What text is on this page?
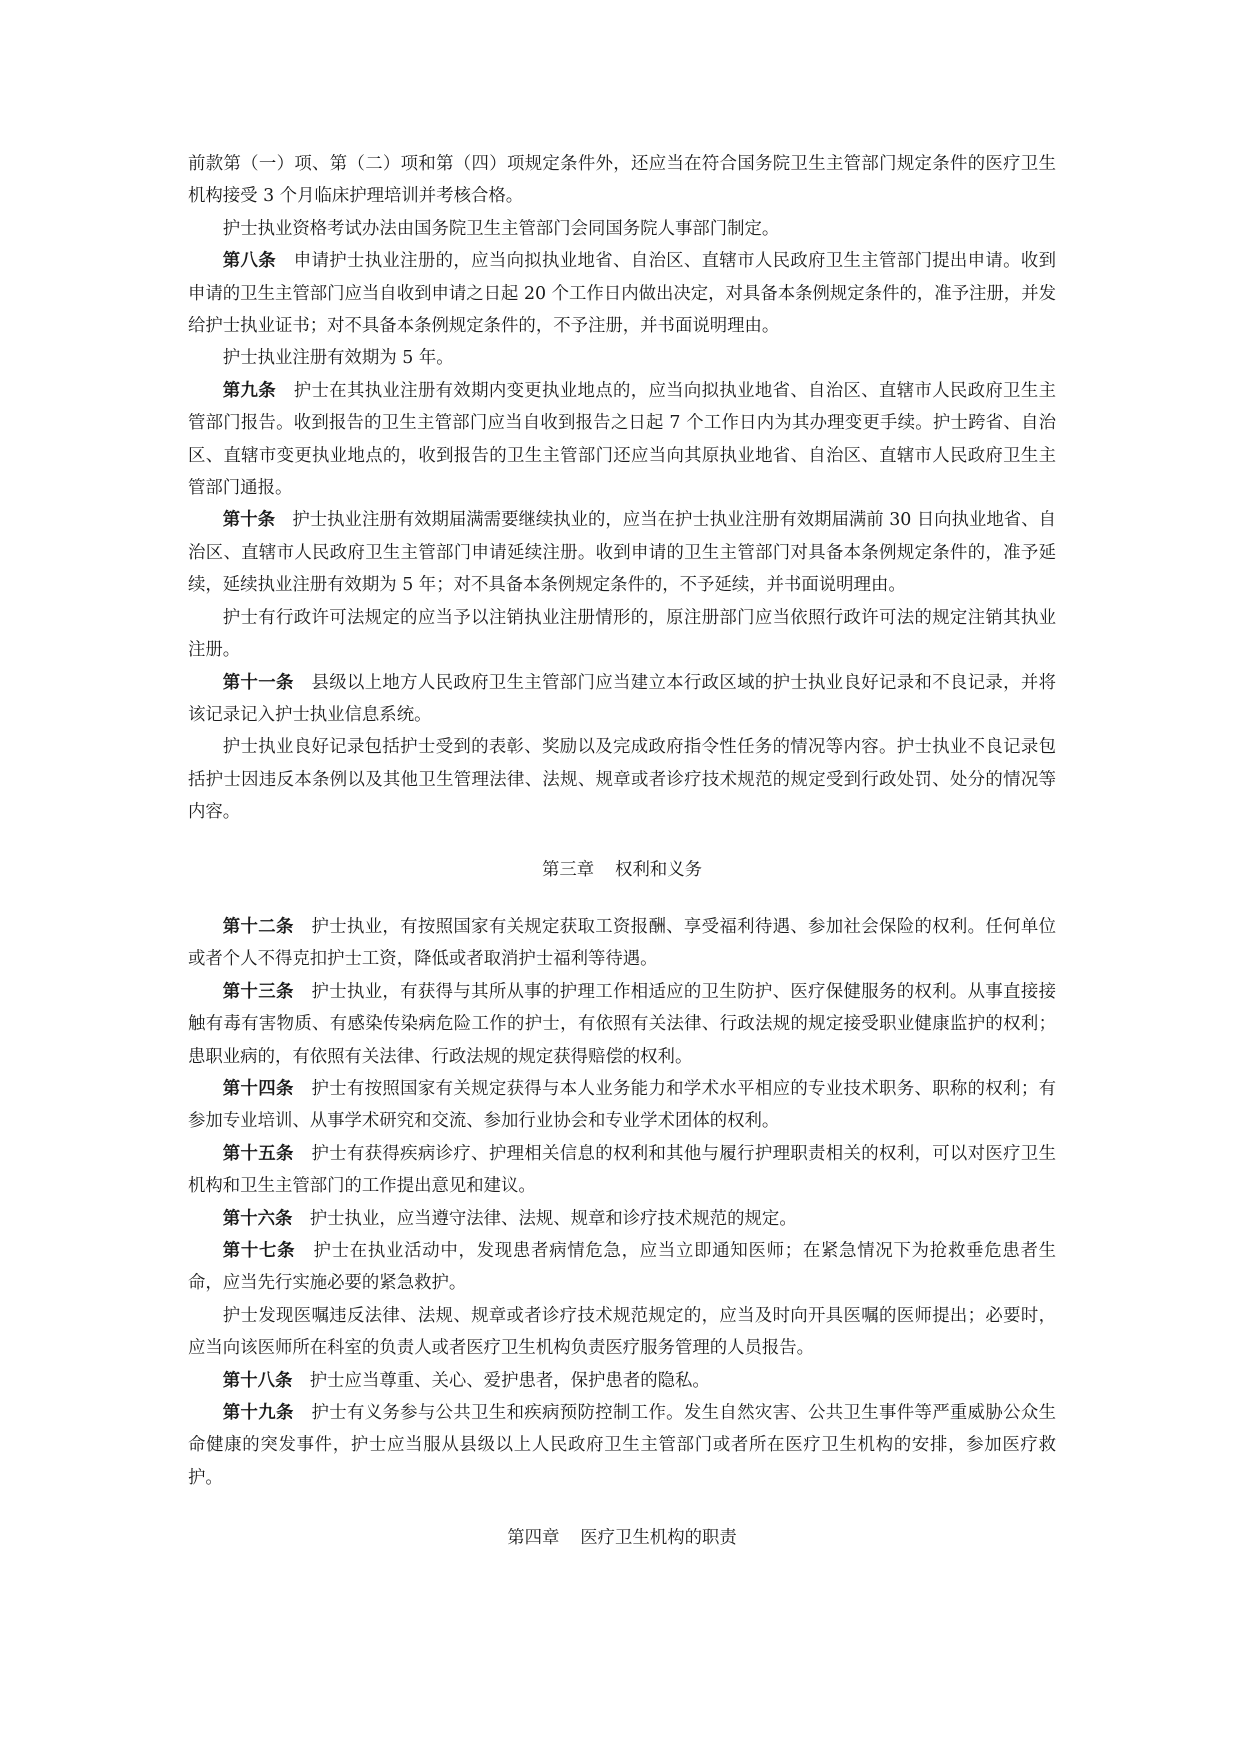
前款第（一）项、第（二）项和第（四）项规定条件外，还应当在符合国务院卫生主管部门规定条件的医疗卫生机构接受 3 个月临床护理培训并考核合格。

护士执业资格考试办法由国务院卫生主管部门会同国务院人事部门制定。

第八条 申请护士执业注册的，应当向拟执业地省、自治区、直辖市人民政府卫生主管部门提出申请。收到申请的卫生主管部门应当自收到申请之日起 20 个工作日内做出决定，对具备本条例规定条件的，准予注册，并发给护士执业证书；对不具备本条例规定条件的，不予注册，并书面说明理由。

护士执业注册有效期为 5 年。

第九条 护士在其执业注册有效期内变更执业地点的，应当向拟执业地省、自治区、直辖市人民政府卫生主管部门报告。收到报告的卫生主管部门应当自收到报告之日起 7 个工作日内为其办理变更手续。护士跨省、自治区、直辖市变更执业地点的，收到报告的卫生主管部门还应当向其原执业地省、自治区、直辖市人民政府卫生主管部门通报。

第十条 护士执业注册有效期届满需要继续执业的，应当在护士执业注册有效期届满前 30 日向执业地省、自治区、直辖市人民政府卫生主管部门申请延续注册。收到申请的卫生主管部门对具备本条例规定条件的，准予延续，延续执业注册有效期为 5 年；对不具备本条例规定条件的，不予延续，并书面说明理由。

护士有行政许可法规定的应当予以注销执业注册情形的，原注册部门应当依照行政许可法的规定注销其执业注册。

第十一条 县级以上地方人民政府卫生主管部门应当建立本行政区域的护士执业良好记录和不良记录，并将该记录记入护士执业信息系统。

护士执业良好记录包括护士受到的表彰、奖励以及完成政府指令性任务的情况等内容。护士执业不良记录包括护士因违反本条例以及其他卫生管理法律、法规、规章或者诊疗技术规范的规定受到行政处罚、处分的情况等内容。

第三章 权利和义务

第十二条 护士执业，有按照国家有关规定获取工资报酬、享受福利待遇、参加社会保险的权利。任何单位或者个人不得克扣护士工资，降低或者取消护士福利等待遇。

第十三条 护士执业，有获得与其所从事的护理工作相适应的卫生防护、医疗保健服务的权利。从事直接接触有毒有害物质、有感染传染病危险工作的护士，有依照有关法律、行政法规的规定接受职业健康监护的权利；患职业病的，有依照有关法律、行政法规的规定获得赔偿的权利。

第十四条 护士有按照国家有关规定获得与本人业务能力和学术水平相应的专业技术职务、职称的权利；有参加专业培训、从事学术研究和交流、参加行业协会和专业学术团体的权利。

第十五条 护士有获得疾病诊疗、护理相关信息的权利和其他与履行护理职责相关的权利，可以对医疗卫生机构和卫生主管部门的工作提出意见和建议。

第十六条 护士执业，应当遵守法律、法规、规章和诊疗技术规范的规定。

第十七条 护士在执业活动中，发现患者病情危急，应当立即通知医师；在紧急情况下为抢救垂危患者生命，应当先行实施必要的紧急救护。

护士发现医嘱违反法律、法规、规章或者诊疗技术规范规定的，应当及时向开具医嘱的医师提出；必要时，应当向该医师所在科室的负责人或者医疗卫生机构负责医疗服务管理的人员报告。

第十八条 护士应当尊重、关心、爱护患者，保护患者的隐私。

第十九条 护士有义务参与公共卫生和疾病预防控制工作。发生自然灾害、公共卫生事件等严重威胁公众生命健康的突发事件，护士应当服从县级以上人民政府卫生主管部门或者所在医疗卫生机构的安排，参加医疗救护。

第四章 医疗卫生机构的职责
